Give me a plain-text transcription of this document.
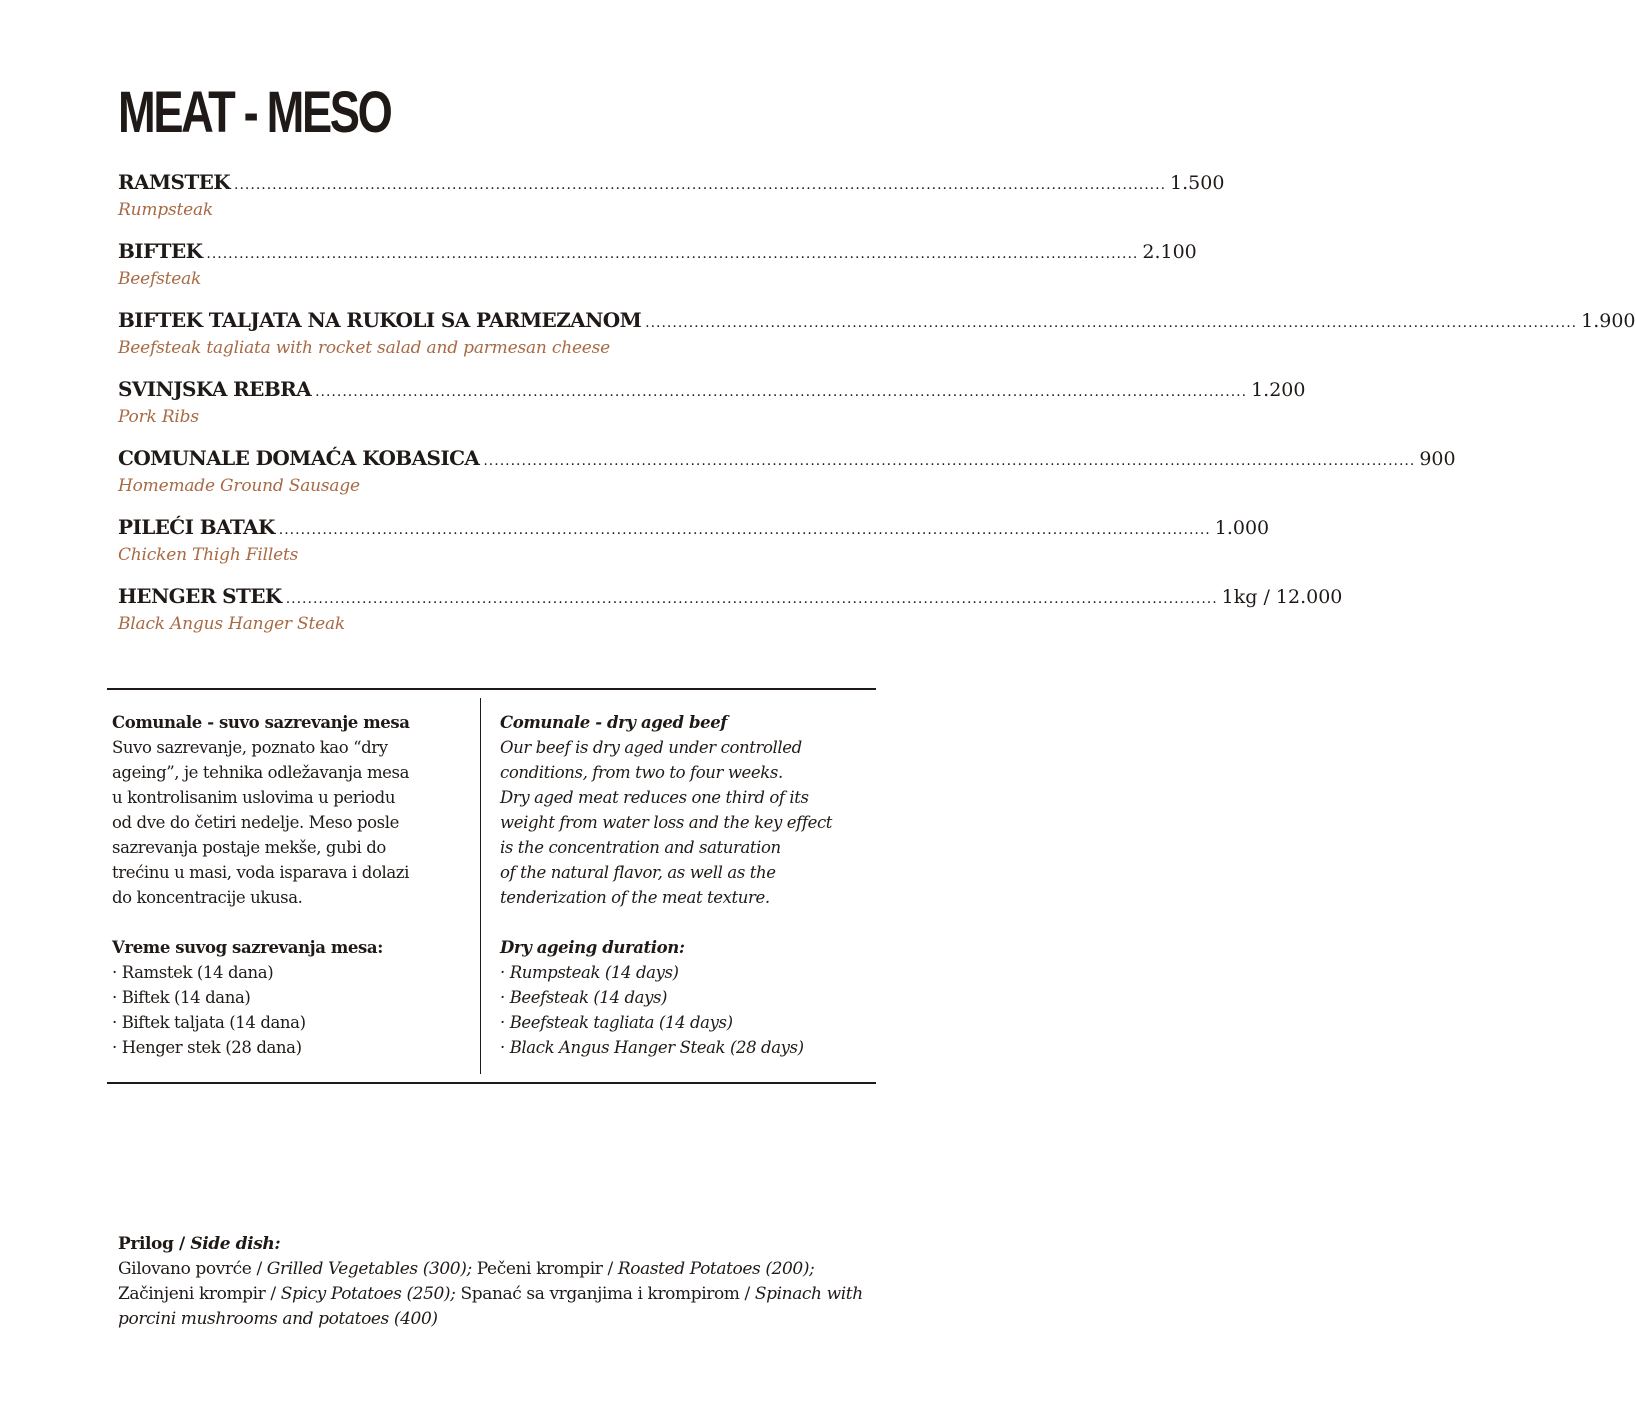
MEAT - MESO
RAMSTEK ........................................................................................................................................................................... 1.500
Rumpsteak
BIFTEK ........................................................................................................................................................................... 2.100
Beefsteak
BIFTEK TALJATA NA RUKOLI SA PARMEZANOM ........................................................................................................................................................................... 1.900
Beefsteak tagliata with rocket salad and parmesan cheese
SVINJSKA REBRA ........................................................................................................................................................................... 1.200
Pork Ribs
COMUNALE DOMAĆA KOBASICA ........................................................................................................................................................................... 900
Homemade Ground Sausage
PILEĆI BATAK ........................................................................................................................................................................... 1.000
Chicken Thigh Fillets
HENGER STEK ........................................................................................................................................................................... 1kg / 12.000
Black Angus Hanger Steak

Comunale - suvo sazrevanje mesa

Suvo sazrevanje, poznato kao “dry

ageing”, je tehnika odležavanja mesa

u kontrolisanim uslovima u periodu

od dve do četiri nedelje. Meso posle

sazrevanja postaje mekše, gubi do

trećinu u masi, voda isparava i dolazi

do koncentracije ukusa.

Vreme suvog sazrevanja mesa:

· Ramstek (14 dana)
· Biftek (14 dana)
· Biftek taljata (14 dana)
· Henger stek (28 dana)

Comunale - dry aged beef

Our beef is dry aged under controlled

conditions, from two to four weeks.

Dry aged meat reduces one third of its

weight from water loss and the key effect

is the concentration and saturation

of the natural flavor, as well as the

tenderization of the meat texture.

Dry ageing duration:

· Rumpsteak (14 days)
· Beefsteak (14 days)
· Beefsteak tagliata (14 days)
· Black Angus Hanger Steak (28 days)
Prilog / Side dish:
Gilovano povrće / Grilled Vegetables (300); Pečeni krompir / Roasted Potatoes (200); Začinjeni krompir / Spicy Potatoes (250); Spanać sa vrganjima i krompirom / Spinach with porcini mushrooms and potatoes (400)
